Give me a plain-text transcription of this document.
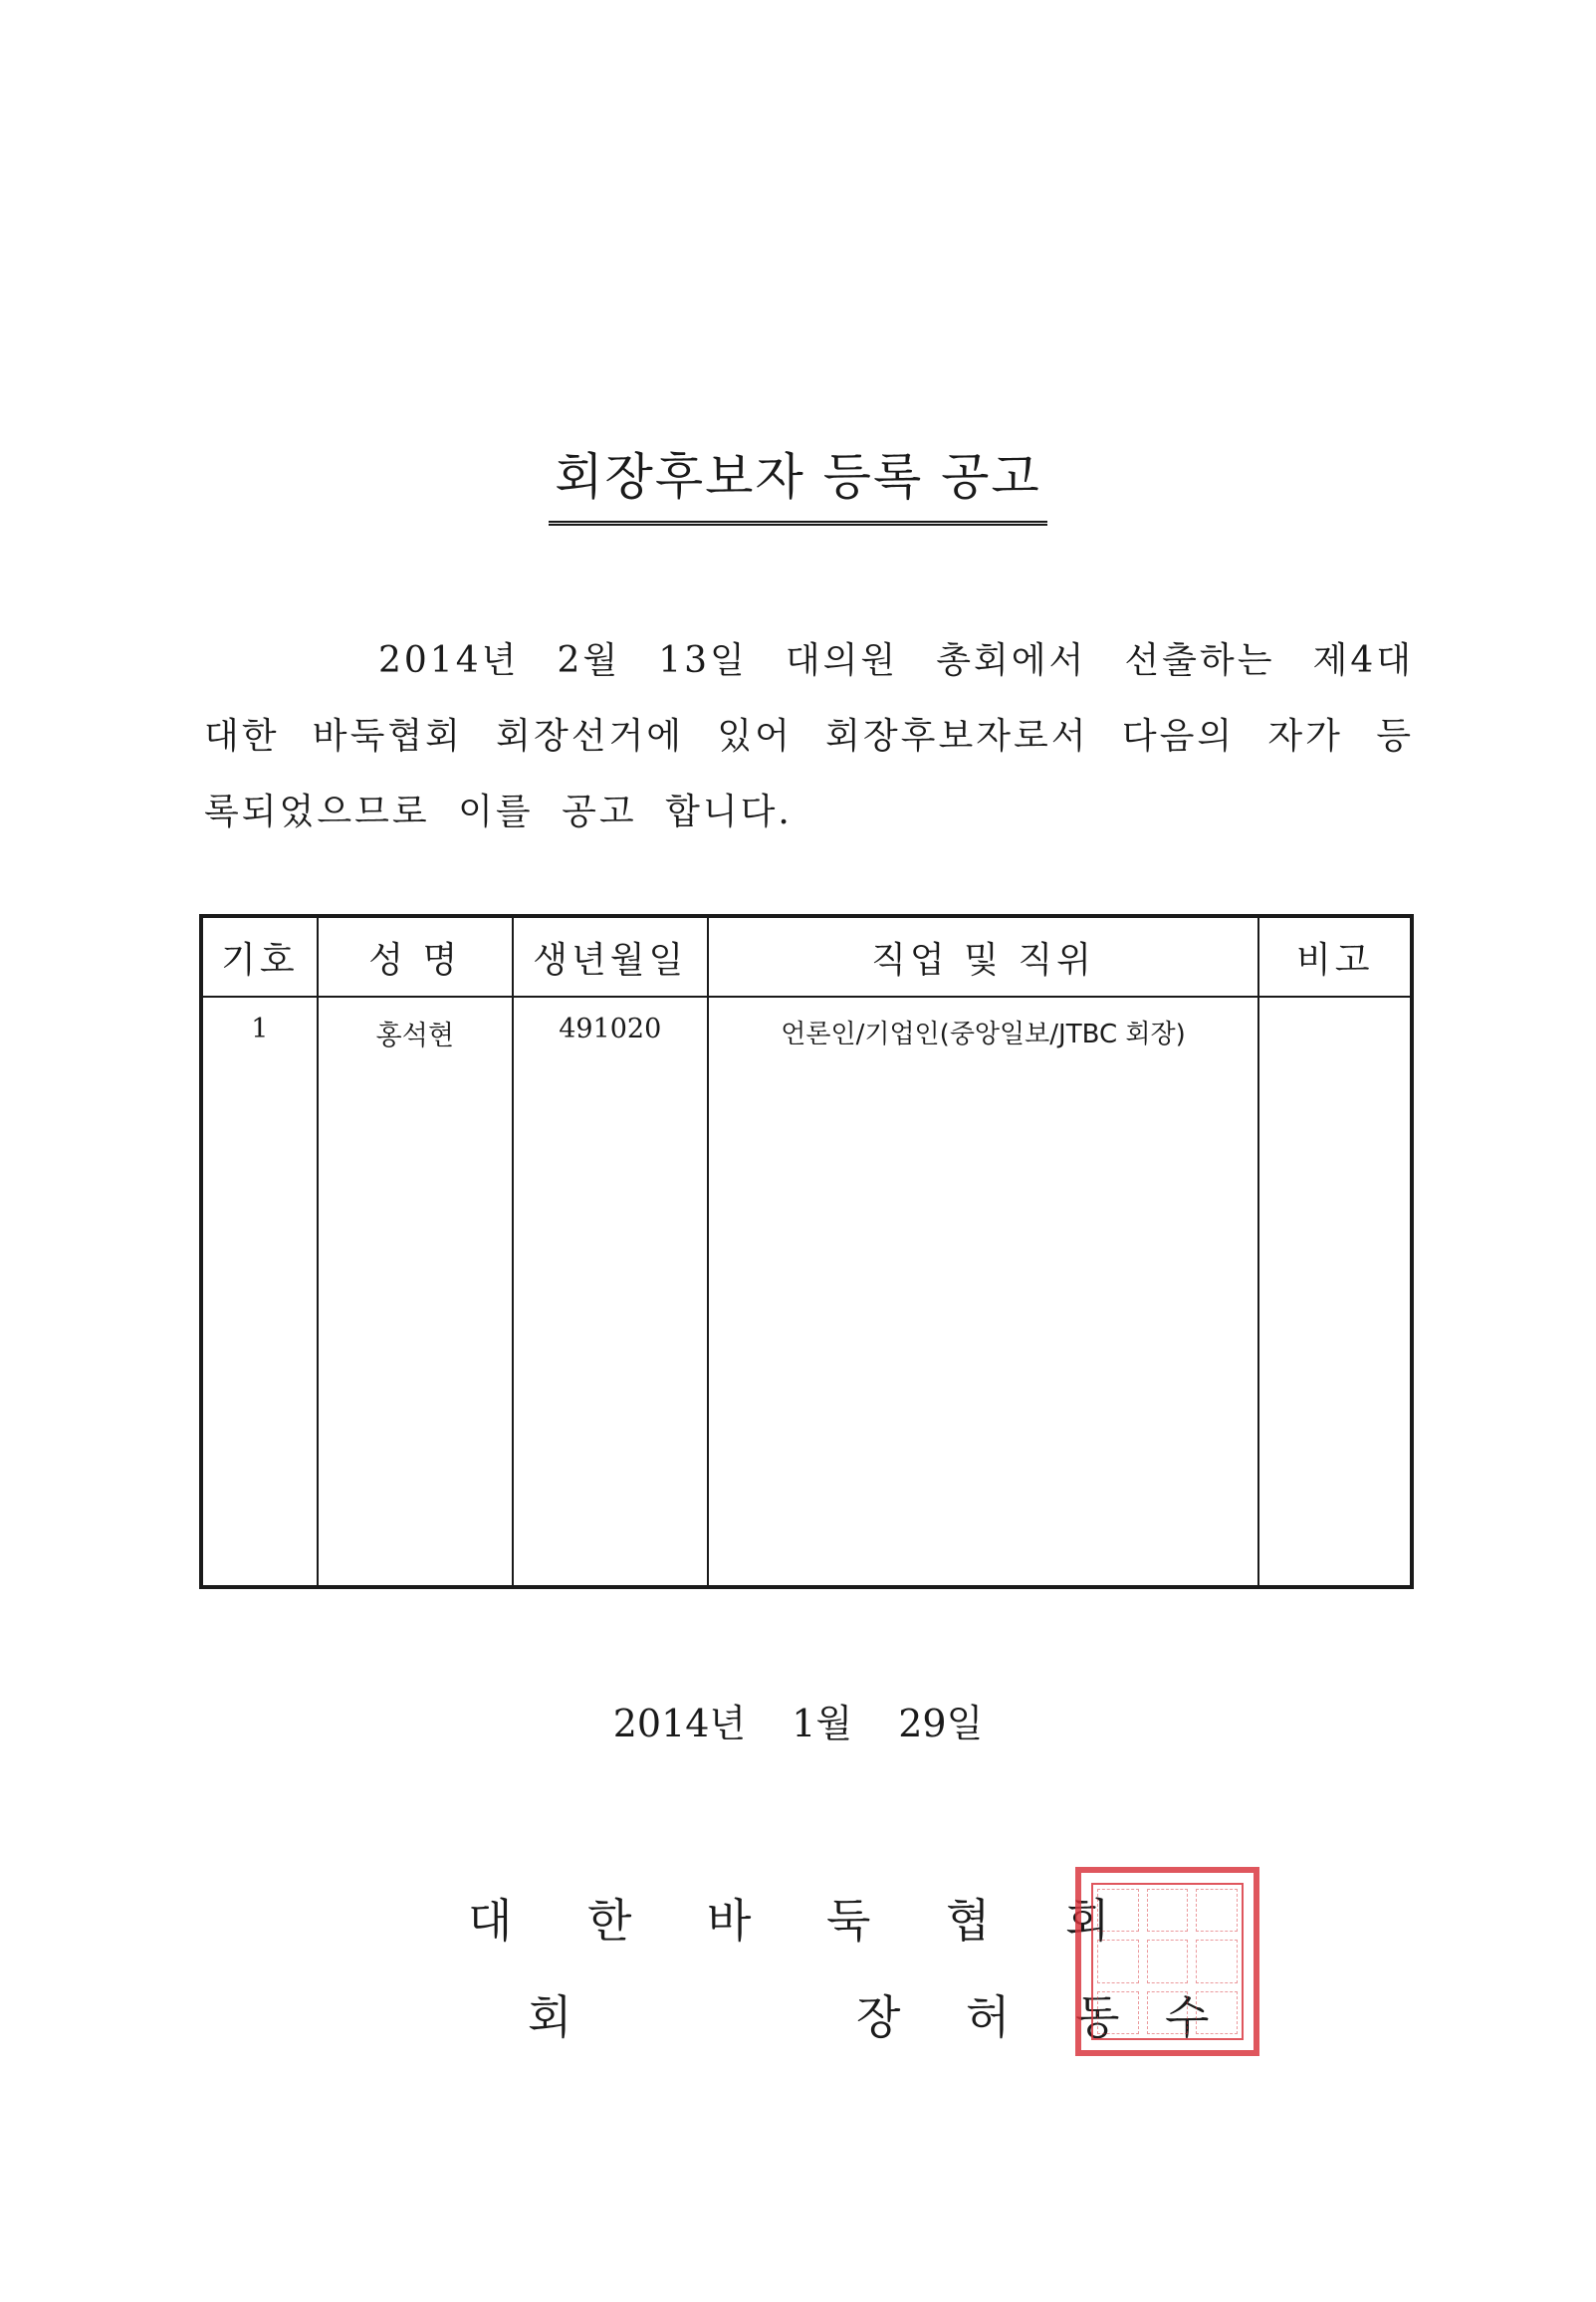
회장후보자 등록 공고

2014년 2월 13일 대의원 총회에서 선출하는 제4대 대한 바둑협회 회장선거에 있어 회장후보자로서 다음의 자가 등록되었으므로 이를 공고 합니다.

기호	성 명	생년월일	직업 및 직위	비고
1	홍석현	491020	언론인/기업인(중앙일보/JTBC 회장)	
2014년 1월 29일
대	한	바	둑	협	회
회	장	허	동 수
